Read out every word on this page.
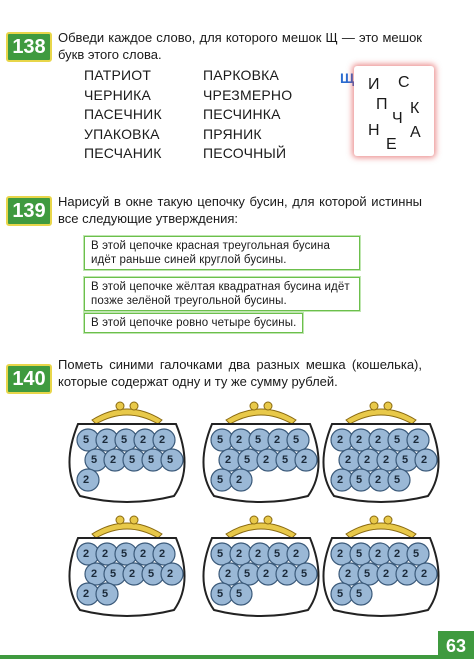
138 Обведи каждое слово, для которого мешок Щ — это мешок букв этого слова.
ПАТРИОТ
ЧЕРНИКА
ПАСЕЧНИК
УПАКОВКА
ПЕСЧАНИК
ПАРКОВКА
ЧРЕЗМЕРНО
ПЕСЧИНКА
ПРЯНИК
ПЕСОЧНЫЙ
Щ И С
П К
Ч
Н А
Е
139 Нарисуй в окне такую цепочку бусин, для которой истинны все следующие утверждения:
В этой цепочке красная треугольная бусина идёт раньше синей круглой бусины.
В этой цепочке жёлтая квадратная бусина идёт позже зелёной треугольной бусины.
В этой цепочке ровно четыре бусины.
140
Пометь синими галочками два разных мешка (кошелька), которые содержат одну и ту же сумму рублей.
5 2 5 2 2
5 2 5 5 5
2
5 2 5 2 5
2 5 2 5 2
5 2
2 2 2 5 2
2 2 2 5 2
2 5 2 5
2 2 5 2 2
2 5 2 5 2
2 5
5 2 2 5 2
2 5 2 2 5
5 5
2 5 2 2 5
2 5 2 2 2
5 5
63
